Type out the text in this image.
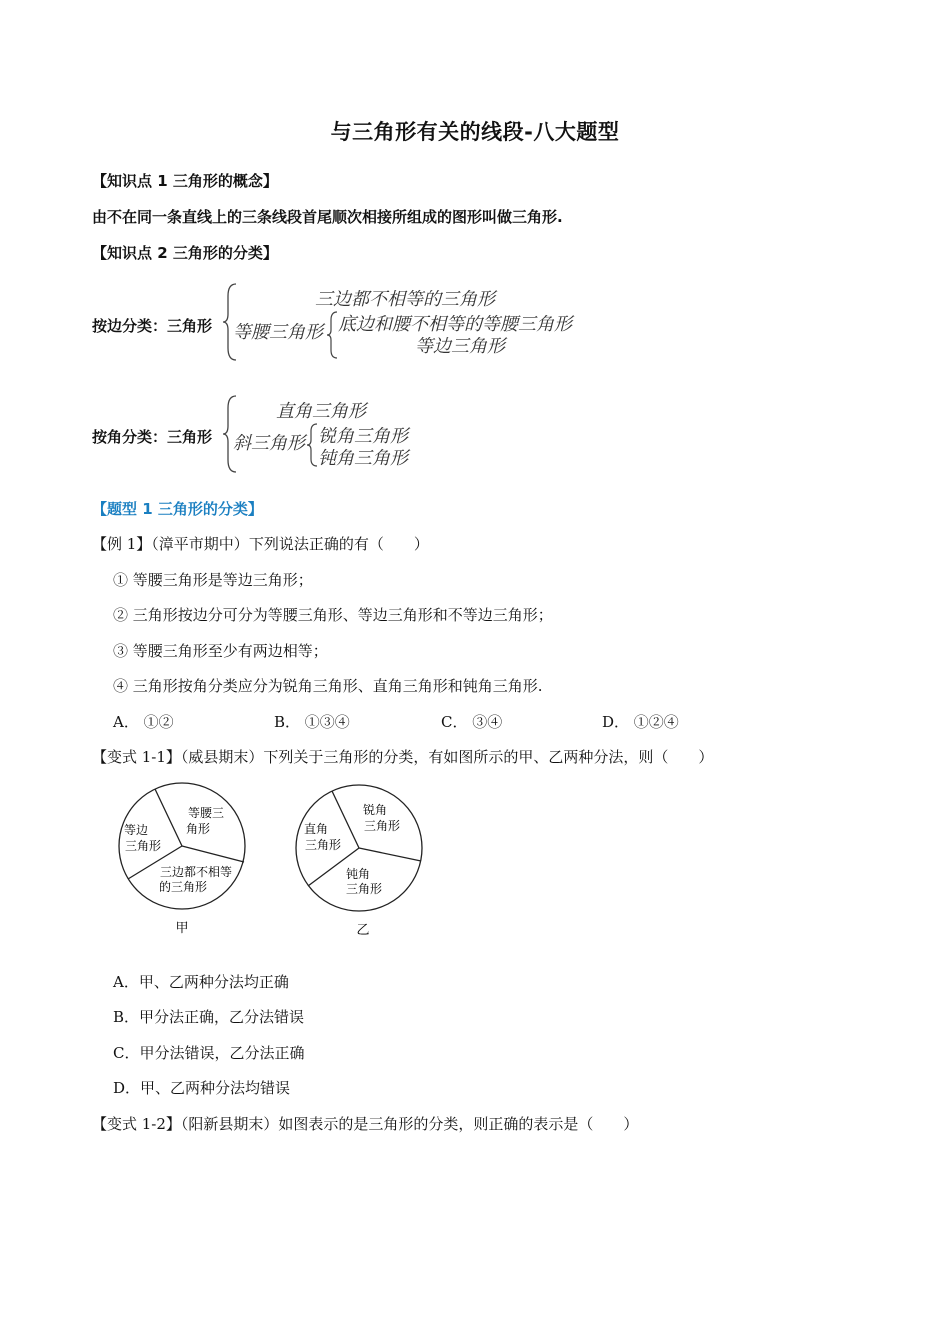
与三角形有关的线段-八大题型
【知识点 1 三角形的概念】
由不在同一条直线上的三条线段首尾顺次相接所组成的图形叫做三角形.
【知识点 2 三角形的分类】
按边分类：三角形
三边都不相等的三角形
等腰三角形 底边和腰不相等的等腰三角形
等边三角形
按角分类：三角形
直角三角形
斜三角形 锐角三角形
钝角三角形
【题型 1 三角形的分类】
【例 1】（漳平市期中）下列说法正确的有（　　）
① 等腰三角形是等边三角形；
② 三角形按边分可分为等腰三角形、等边三角形和不等边三角形；
③ 等腰三角形至少有两边相等；
④ 三角形按角分类应分为锐角三角形、直角三角形和钝角三角形.
A． ①②	B． ①③④	C． ③④	D． ①②④
【变式 1-1】（威县期末）下列关于三角形的分类，有如图所示的甲、乙两种分法，则（　　）
等腰三
角形
等边
三角形
三边都不相等
的三角形
甲
锐角
三角形
直角
三角形
钝角
三角形
乙
A．甲、乙两种分法均正确
B．甲分法正确，乙分法错误
C．甲分法错误，乙分法正确
D．甲、乙两种分法均错误
【变式 1-2】（阳新县期末）如图表示的是三角形的分类，则正确的表示是（　　）
